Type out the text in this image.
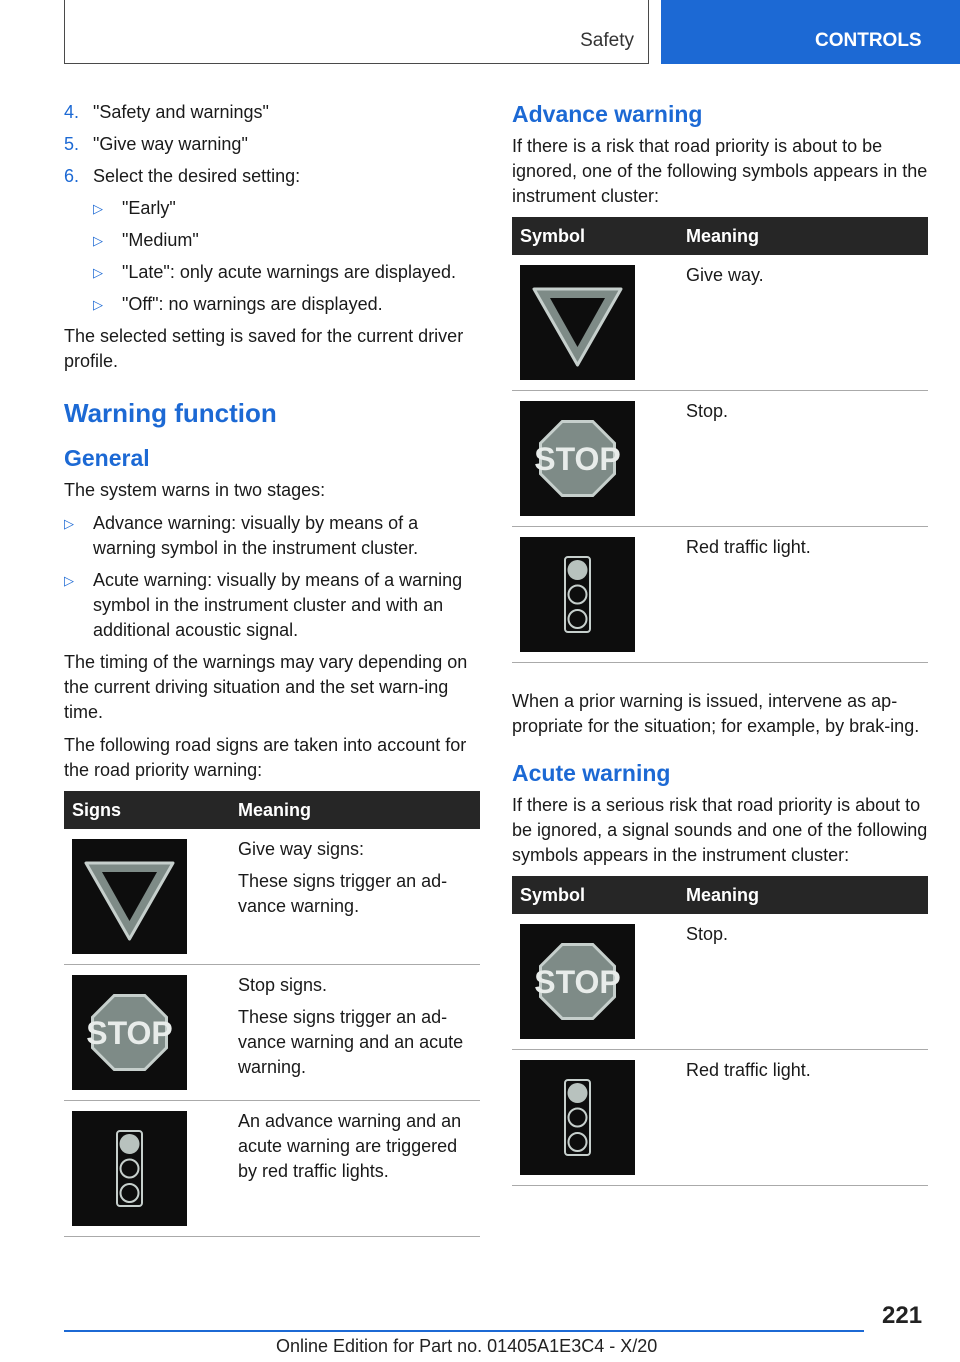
Safety	CONTROLS
4. "Safety and warnings"
5. "Give way warning"
6. Select the desired setting:
▷	"Early"
▷	"Medium"
▷	"Late": only acute warnings are displayed.
▷	"Off": no warnings are displayed.

The selected setting is saved for the current driver profile.

Warning function
General

The system warns in two stages:

▷	Advance warning: visually by means of a warning symbol in the instrument cluster.
▷	Acute warning: visually by means of a warning symbol in the instrument cluster and with an additional acoustic signal.

The timing of the warnings may vary depending on the current driving situation and the set warn-ing time.

The following road signs are taken into account for the road priority warning:

Signs	Meaning

Give way signs:
These signs trigger an ad-vance warning.

STOP	Stop signs.
These signs trigger an ad-vance warning and an acute warning.

An advance warning and an acute warning are triggered by red traffic lights.
Advance warning

If there is a risk that road priority is about to be ignored, one of the following symbols appears in the instrument cluster:

Symbol	Meaning

	Give way.

STOP	Stop.

	Red traffic light.

When a prior warning is issued, intervene as ap-propriate for the situation; for example, by brak-ing.

Acute warning

If there is a serious risk that road priority is about to be ignored, a signal sounds and one of the following symbols appears in the instrument cluster:

Symbol	Meaning

STOP	Stop.

	Red traffic light.
221
Online Edition for Part no. 01405A1E3C4 - X/20
